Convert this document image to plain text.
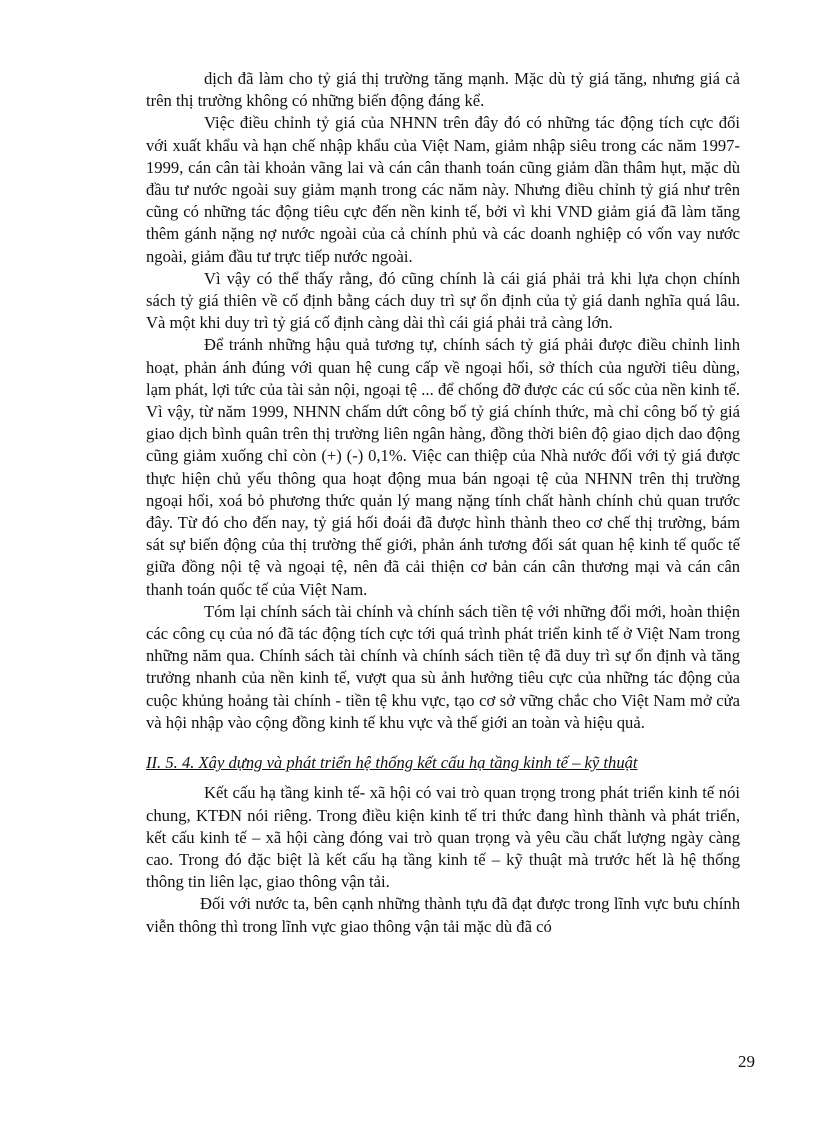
dịch đã làm cho tỷ giá thị trường tăng mạnh. Mặc dù tỷ giá tăng, nhưng giá cả trên thị trường không có những biến động đáng kể.

Việc điều chỉnh tỷ giá của NHNN trên đây đó có những tác động tích cực đối với xuất khẩu và hạn chế nhập khẩu của Việt Nam, giảm nhập siêu trong các năm 1997-1999, cán cân tài khoản vãng lai và cán cân thanh toán cũng giảm dần thâm hụt, mặc dù đầu tư nước ngoài suy giảm mạnh trong các năm này. Nhưng điều chỉnh tỷ giá như trên cũng có những tác động tiêu cực đến nền kinh tế, bởi vì khi VND giảm giá đã làm tăng thêm gánh nặng nợ nước ngoài của cả chính phủ và các doanh nghiệp có vốn vay nước ngoài, giảm đầu tư trực tiếp nước ngoài.

Vì vậy có thể thấy rằng, đó cũng chính là cái giá phải trả khi lựa chọn chính sách tỷ giá thiên về cố định bằng cách duy trì sự ổn định của tỷ giá danh nghĩa quá lâu. Và một khi duy trì tỷ giá cố định càng dài thì cái giá phải trả càng lớn.

Để tránh những hậu quả tương tự, chính sách tỷ giá phải được điều chỉnh linh hoạt, phản ánh đúng với quan hệ cung cấp về ngoại hối, sở thích của người tiêu dùng, lạm phát, lợi tức của tài sản nội, ngoại tệ ... để chống đỡ được các cú sốc của nền kinh tế. Vì vậy, từ năm 1999, NHNN chấm dứt công bố tỷ giá chính thức, mà chỉ công bố tỷ giá giao dịch bình quân trên thị trường liên ngân hàng, đồng thời biên độ giao dịch dao động cũng giảm xuống chỉ còn (+) (-) 0,1%. Việc can thiệp của Nhà nước đối với tỷ giá được thực hiện chủ yếu thông qua hoạt động mua bán ngoại tệ của NHNN trên thị trường ngoại hối, xoá bỏ phương thức quản lý mang nặng tính chất hành chính chủ quan trước đây. Từ đó cho đến nay, tỷ giá hối đoái đã được hình thành theo cơ chế thị trường, bám sát sự biến động của thị trường thế giới, phản ánh tương đối sát quan hệ kinh tế quốc tế giữa đồng nội tệ và ngoại tệ, nên đã cải thiện cơ bản cán cân thương mại và cán cân thanh toán quốc tế của Việt Nam.

Tóm lại chính sách tài chính và chính sách tiền tệ với những đổi mới, hoàn thiện các công cụ của nó đã tác động tích cực tới quá trình phát triển kinh tế ở Việt Nam trong những năm qua. Chính sách tài chính và chính sách tiền tệ đã duy trì sự ổn định và tăng trưởng nhanh của nền kinh tế, vượt qua sù ảnh hưởng tiêu cực của những tác động của cuộc khủng hoảng tài chính - tiền tệ khu vực, tạo cơ sở vững chắc cho Việt Nam mở cửa và hội nhập vào cộng đồng kinh tế khu vực và thế giới an toàn và hiệu quả.

II. 5. 4. Xây dựng và phát triển hệ thống kết cấu hạ tầng kinh tế – kỹ thuật

Kết cấu hạ tầng kinh tế- xã hội có vai trò quan trọng trong phát triển kinh tế nói chung, KTĐN nói riêng. Trong điều kiện kinh tế tri thức đang hình thành và phát triển, kết cấu kinh tế – xã hội càng đóng vai trò quan trọng và yêu cầu chất lượng ngày càng cao. Trong đó đặc biệt là kết cấu hạ tầng kinh tế – kỹ thuật mà trước hết là hệ thống thông tin liên lạc, giao thông vận tải.

Đối với nước ta, bên cạnh những thành tựu đã đạt được trong lĩnh vực bưu chính viễn thông thì trong lĩnh vực giao thông vận tải mặc dù đã có

29
